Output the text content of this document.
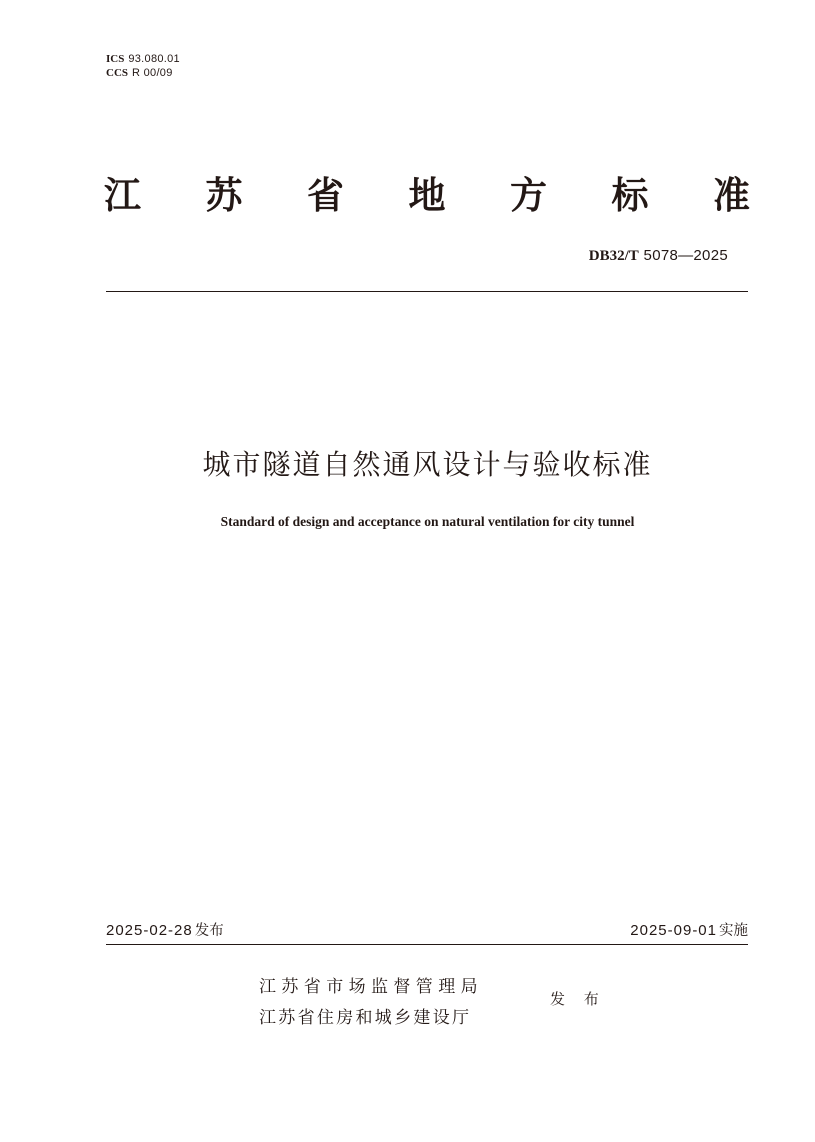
ICS 93.080.01
CCS R 00/09
江 苏 省 地 方 标 准
DB32/T 5078—2025
城市隧道自然通风设计与验收标准
Standard of design and acceptance on natural ventilation for city tunnel
2025-02-28 发布	2025-09-01 实施
江苏省市场监督管理局
江苏省住房和城乡建设厅
发 布
